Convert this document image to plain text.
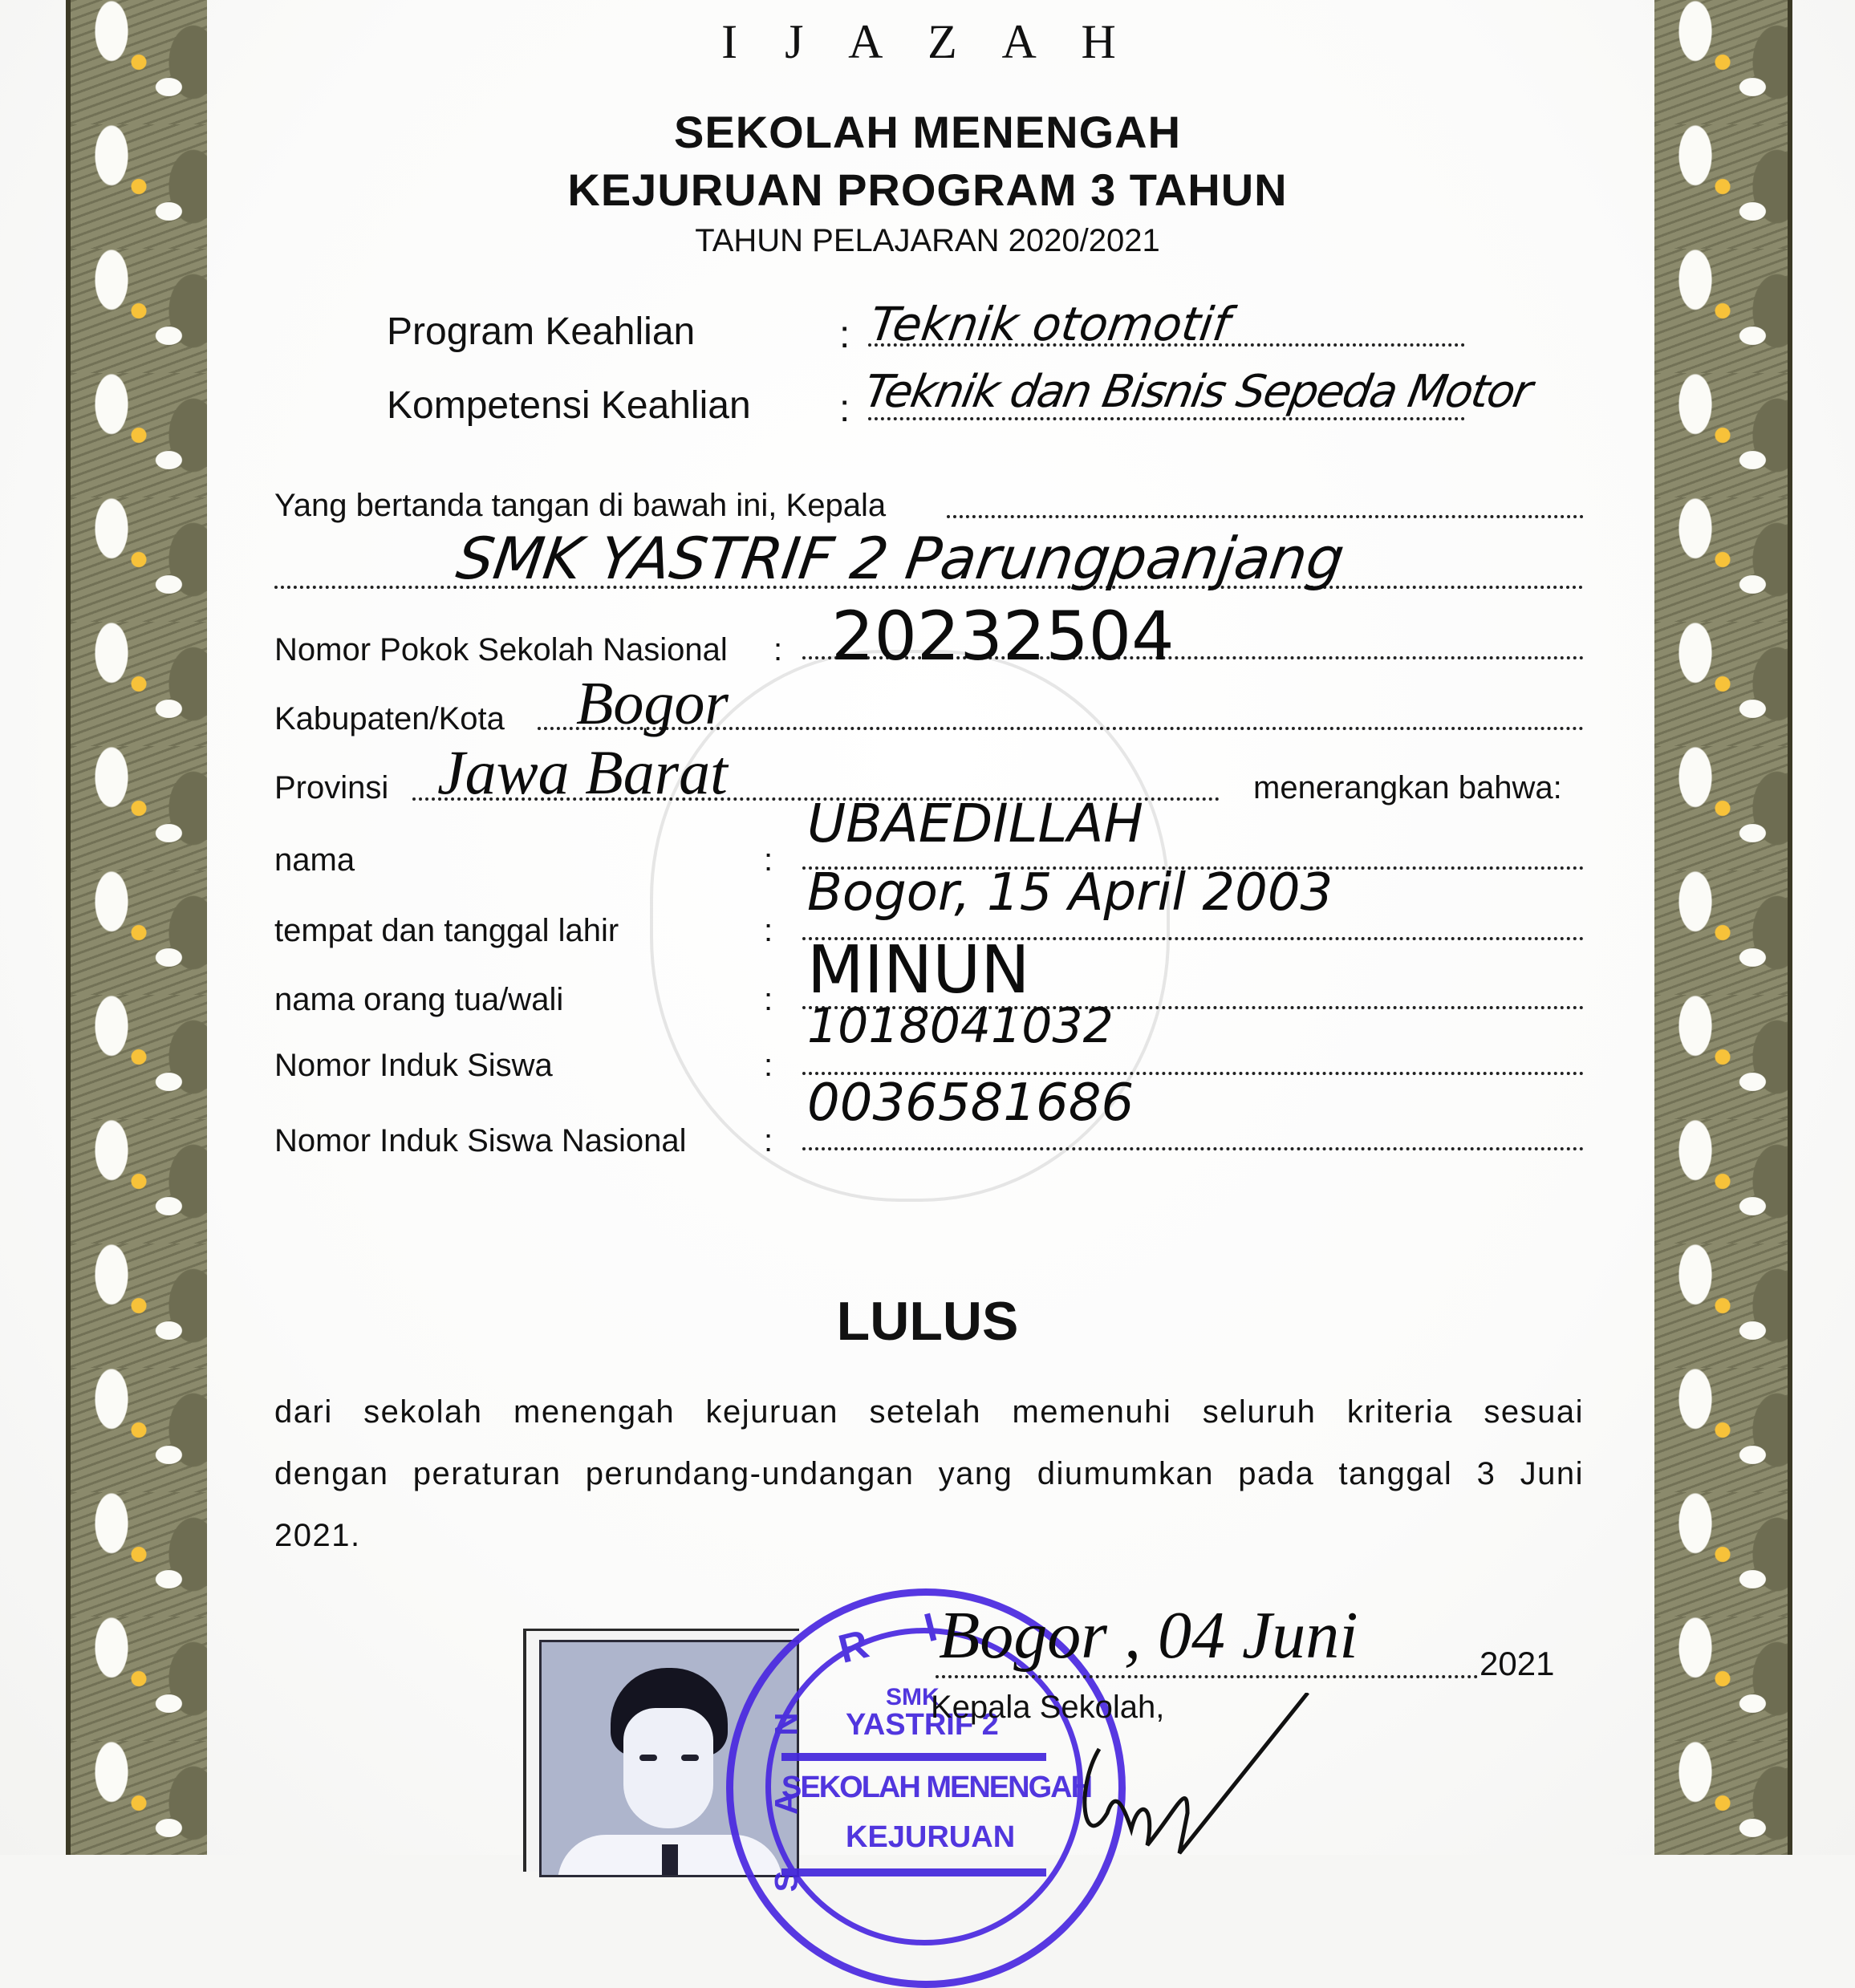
I J A Z A H
SEKOLAH MENENGAH
KEJURUAN PROGRAM 3 TAHUN
TAHUN PELAJARAN 2020/2021
Program Keahlian	: Teknik otomotif
Kompetensi Keahlian : Teknik dan Bisnis Sepeda Motor
Yang bertanda tangan di bawah ini, Kepala
SMK YASTRIF 2 Parungpanjang
Nomor Pokok Sekolah Nasional : 20232504
Kabupaten/Kota Bogor
Provinsi Jawa Barat	menerangkan bahwa:
nama	:
UBAEDILLAH
tempat dan tanggal lahir	:
Bogor, 15 April 2003
nama orang tua/wali	: MINUN
Nomor Induk Siswa	:
1018041032
Nomor Induk Siswa Nasional :
0036581686
LULUS
dari sekolah menengah kejuruan setelah memenuhi seluruh kriteria sesuai dengan peraturan perundang-undangan yang diumumkan pada tanggal 3 Juni 2021.
R I
SMK
YASTRIF 2
SEKOLAH MENENGAH
KEJURUAN
S A N
Bogor , 04 Juni	2021
Kepala Sekolah,
